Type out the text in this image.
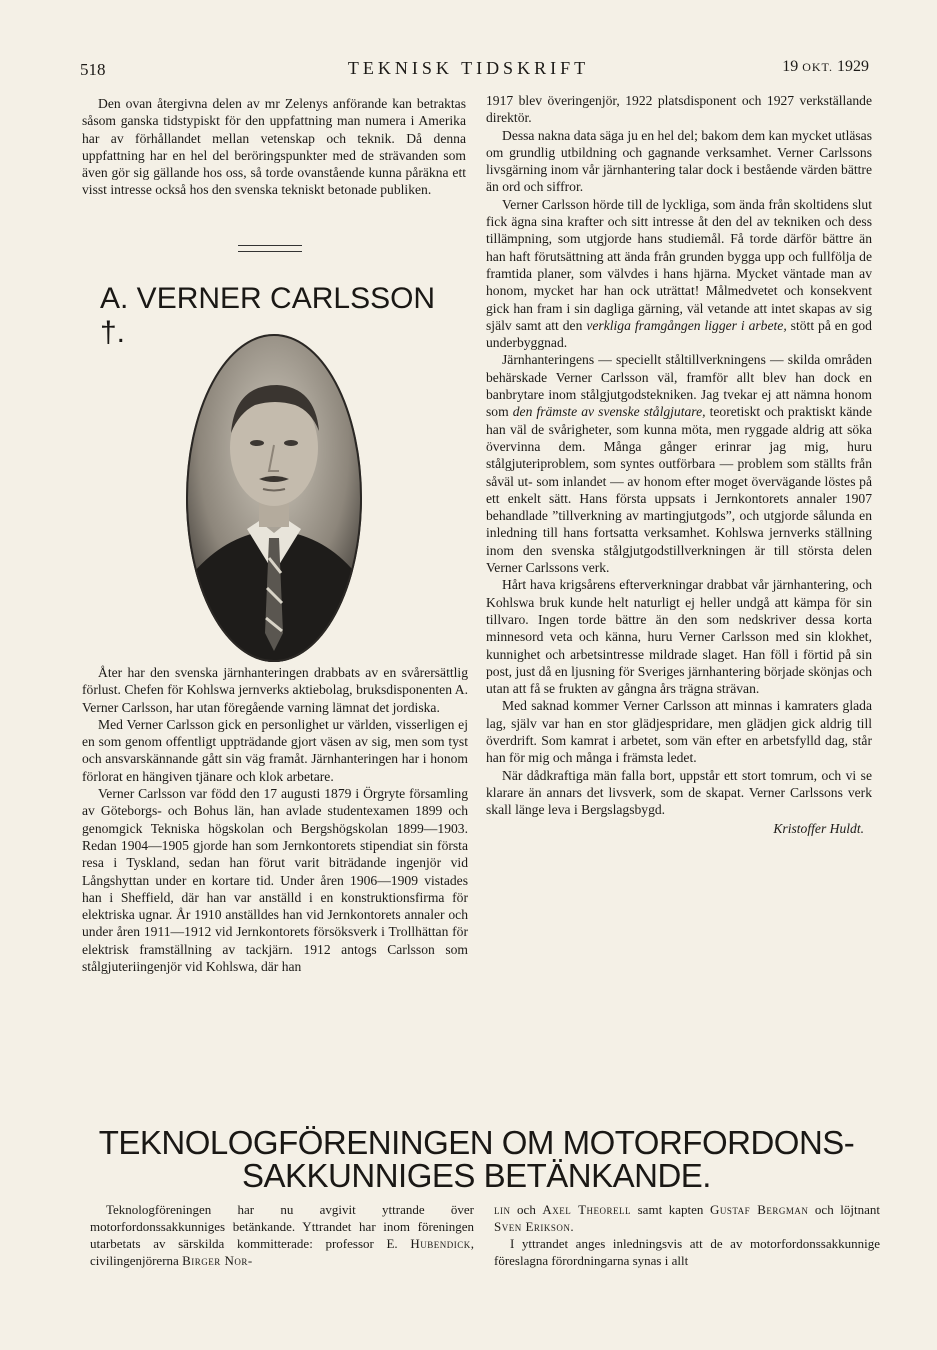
518	TEKNISK TIDSKRIFT	19 OKT. 1929

Den ovan återgivna delen av mr Zelenys anförande kan betraktas såsom ganska tidstypiskt för den uppfattning man numera i Amerika har av förhållandet mellan vetenskap och teknik. Då denna uppfattning har en hel del beröringspunkter med de strävanden som även gör sig gällande hos oss, så torde ovanstående kunna påräkna ett visst intresse också hos den svenska tekniskt betonade publiken.

A. VERNER CARLSSON †.

Åter har den svenska järnhanteringen drabbats av en svårersättlig förlust. Chefen för Kohlswa jernverks aktiebolag, bruksdisponenten A. Verner Carlsson, har utan föregående varning lämnat det jordiska.

Med Verner Carlsson gick en personlighet ur världen, visserligen ej en som genom offentligt uppträdande gjort väsen av sig, men som tyst och ansvarskännande gått sin väg framåt. Järnhanteringen har i honom förlorat en hängiven tjänare och klok arbetare.

Verner Carlsson var född den 17 augusti 1879 i Örgryte församling av Göteborgs- och Bohus län, han avlade studentexamen 1899 och genomgick Tekniska högskolan och Bergshögskolan 1899—1903. Redan 1904—1905 gjorde han som Jernkontorets stipendiat sin första resa i Tyskland, sedan han förut varit biträdande ingenjör vid Långshyttan under en kortare tid. Under åren 1906—1909 vistades han i Sheffield, där han var anställd i en konstruktionsfirma för elektriska ugnar. År 1910 anställdes han vid Jernkontorets annaler och under åren 1911—1912 vid Jernkontorets försöksverk i Trollhättan för elektrisk framställning av tackjärn. 1912 antogs Carlsson som stålgjuteriingenjör vid Kohlswa, där han

1917 blev överingenjör, 1922 platsdisponent och 1927 verkställande direktör.

Dessa nakna data säga ju en hel del; bakom dem kan mycket utläsas om grundlig utbildning och gagnande verksamhet. Verner Carlssons livsgärning inom vår järnhantering talar dock i bestående värden bättre än ord och siffror.

Verner Carlsson hörde till de lyckliga, som ända från skoltidens slut fick ägna sina krafter och sitt intresse åt den del av tekniken och dess tillämpning, som utgjorde hans studiemål. Få torde därför bättre än han haft förutsättning att ända från grunden bygga upp och fullfölja de framtida planer, som välvdes i hans hjärna. Mycket väntade man av honom, mycket har han ock uträttat! Målmedvetet och konsekvent gick han fram i sin dagliga gärning, väl vetande att intet skapas av sig själv samt att den verkliga framgången ligger i arbete, stött på en god underbyggnad.

Järnhanteringens — speciellt ståltillverkningens — skilda områden behärskade Verner Carlsson väl, framför allt blev han dock en banbrytare inom stålgjutgodstekniken. Jag tvekar ej att nämna honom som den främste av svenske stålgjutare, teoretiskt och praktiskt kände han väl de svårigheter, som kunna möta, men ryggade aldrig att söka övervinna dem. Många gånger erinrar jag mig, huru stålgjuteriproblem, som syntes outförbara — problem som ställts från såväl ut- som inlandet — av honom efter moget övervägande löstes på ett enkelt sätt. Hans första uppsats i Jernkontorets annaler 1907 behandlade ”tillverkning av martingjutgods”, och utgjorde sålunda en inledning till hans fortsatta verksamhet. Kohlswa jernverks ställning inom den svenska stålgjutgodstillverkningen är till största delen Verner Carlssons verk.

Hårt hava krigsårens efterverkningar drabbat vår järnhantering, och Kohlswa bruk kunde helt naturligt ej heller undgå att kämpa för sin tillvaro. Ingen torde bättre än den som nedskriver dessa korta minnesord veta och känna, huru Verner Carlsson med sin klokhet, kunnighet och arbetsintresse mildrade slaget. Han föll i förtid på sin post, just då en ljusning för Sveriges järnhantering började skönjas och utan att få se frukten av gångna års trägna strävan.

Med saknad kommer Verner Carlsson att minnas i kamraters glada lag, själv var han en stor glädjespridare, men glädjen gick aldrig till överdrift. Som kamrat i arbetet, som vän efter en arbetsfylld dag, står han för mig och många i främsta ledet.

När dådkraftiga män falla bort, uppstår ett stort tomrum, och vi se klarare än annars det livsverk, som de skapat. Verner Carlssons verk skall länge leva i Bergslagsbygd.

Kristoffer Huldt.
TEKNOLOGFÖRENINGEN OM MOTORFORDONS-
SAKKUNNIGES BETÄNKANDE.

Teknologföreningen har nu avgivit yttrande över motorfordonssakkunniges betänkande. Yttrandet har inom föreningen utarbetats av särskilda kommitterade: professor E. Hubendick, civilingenjörerna Birger Nor-

lin och Axel Theorell samt kapten Gustaf Bergman och löjtnant Sven Erikson.

I yttrandet anges inledningsvis att de av motorfordonssakkunnige föreslagna förordningarna synas i allt
